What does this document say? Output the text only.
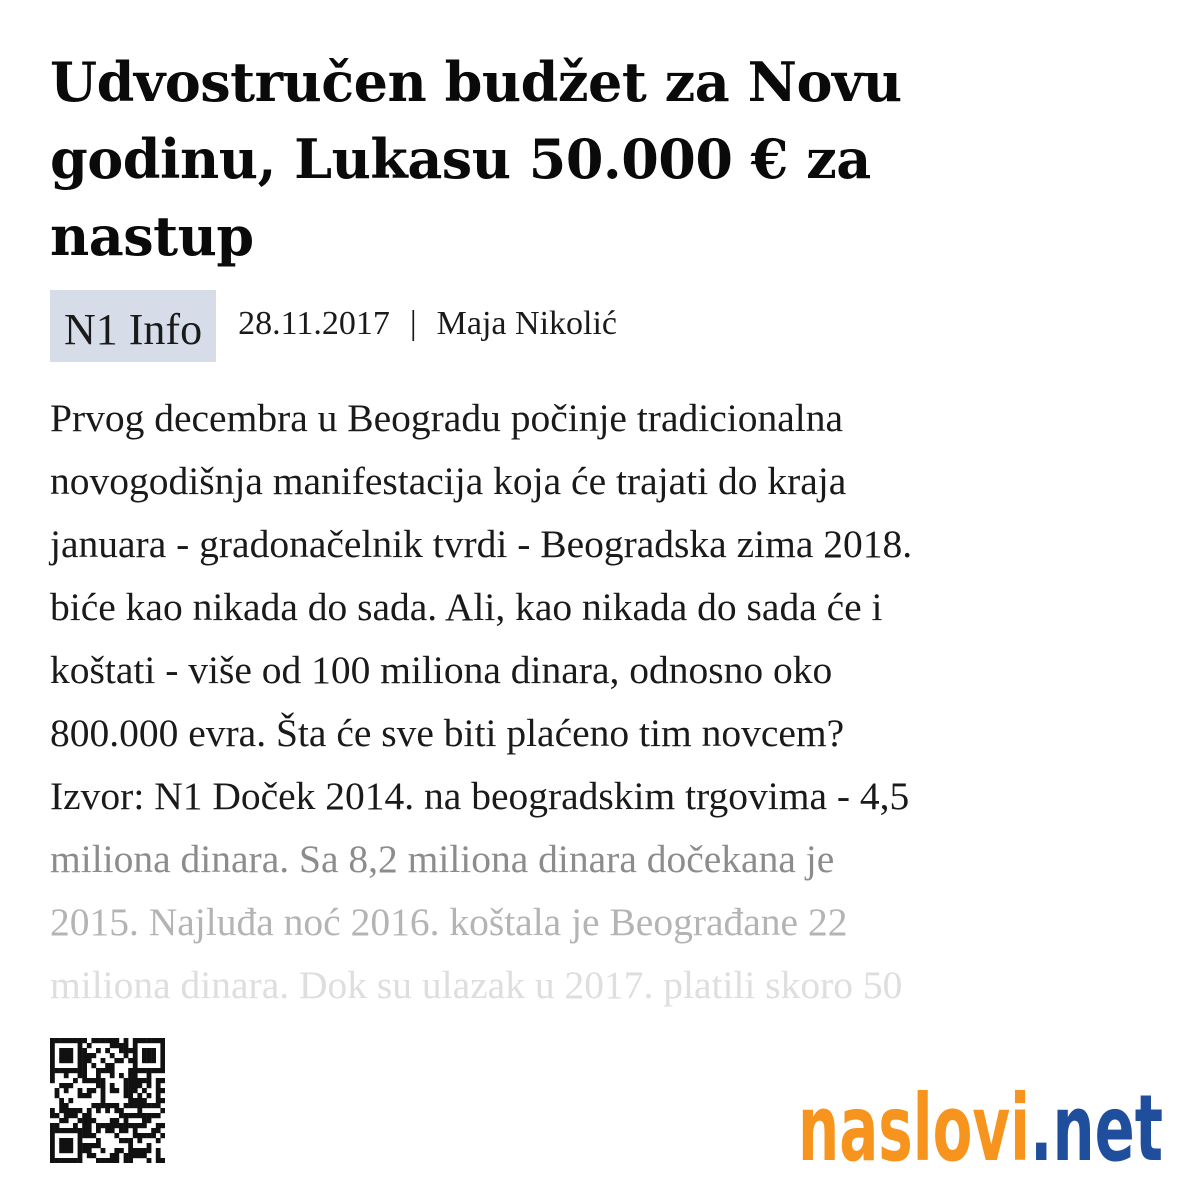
Udvostručen budžet za Novu
godinu, Lukasu 50.000 € za
nastup
N1 Info	28.11.2017 | Maja Nikolić
Prvog decembra u Beogradu počinje tradicionalna
novogodišnja manifestacija koja će trajati do kraja
januara - gradonačelnik tvrdi - Beogradska zima 2018.
biće kao nikada do sada. Ali, kao nikada do sada će i
koštati - više od 100 miliona dinara, odnosno oko
800.000 evra. Šta će sve biti plaćeno tim novcem?
Izvor: N1 Doček 2014. na beogradskim trgovima - 4,5
miliona dinara. Sa 8,2 miliona dinara dočekana je
2015. Najluđa noć 2016. koštala je Beograđane 22
miliona dinara. Dok su ulazak u 2017. platili skoro 50
naslovi .net
